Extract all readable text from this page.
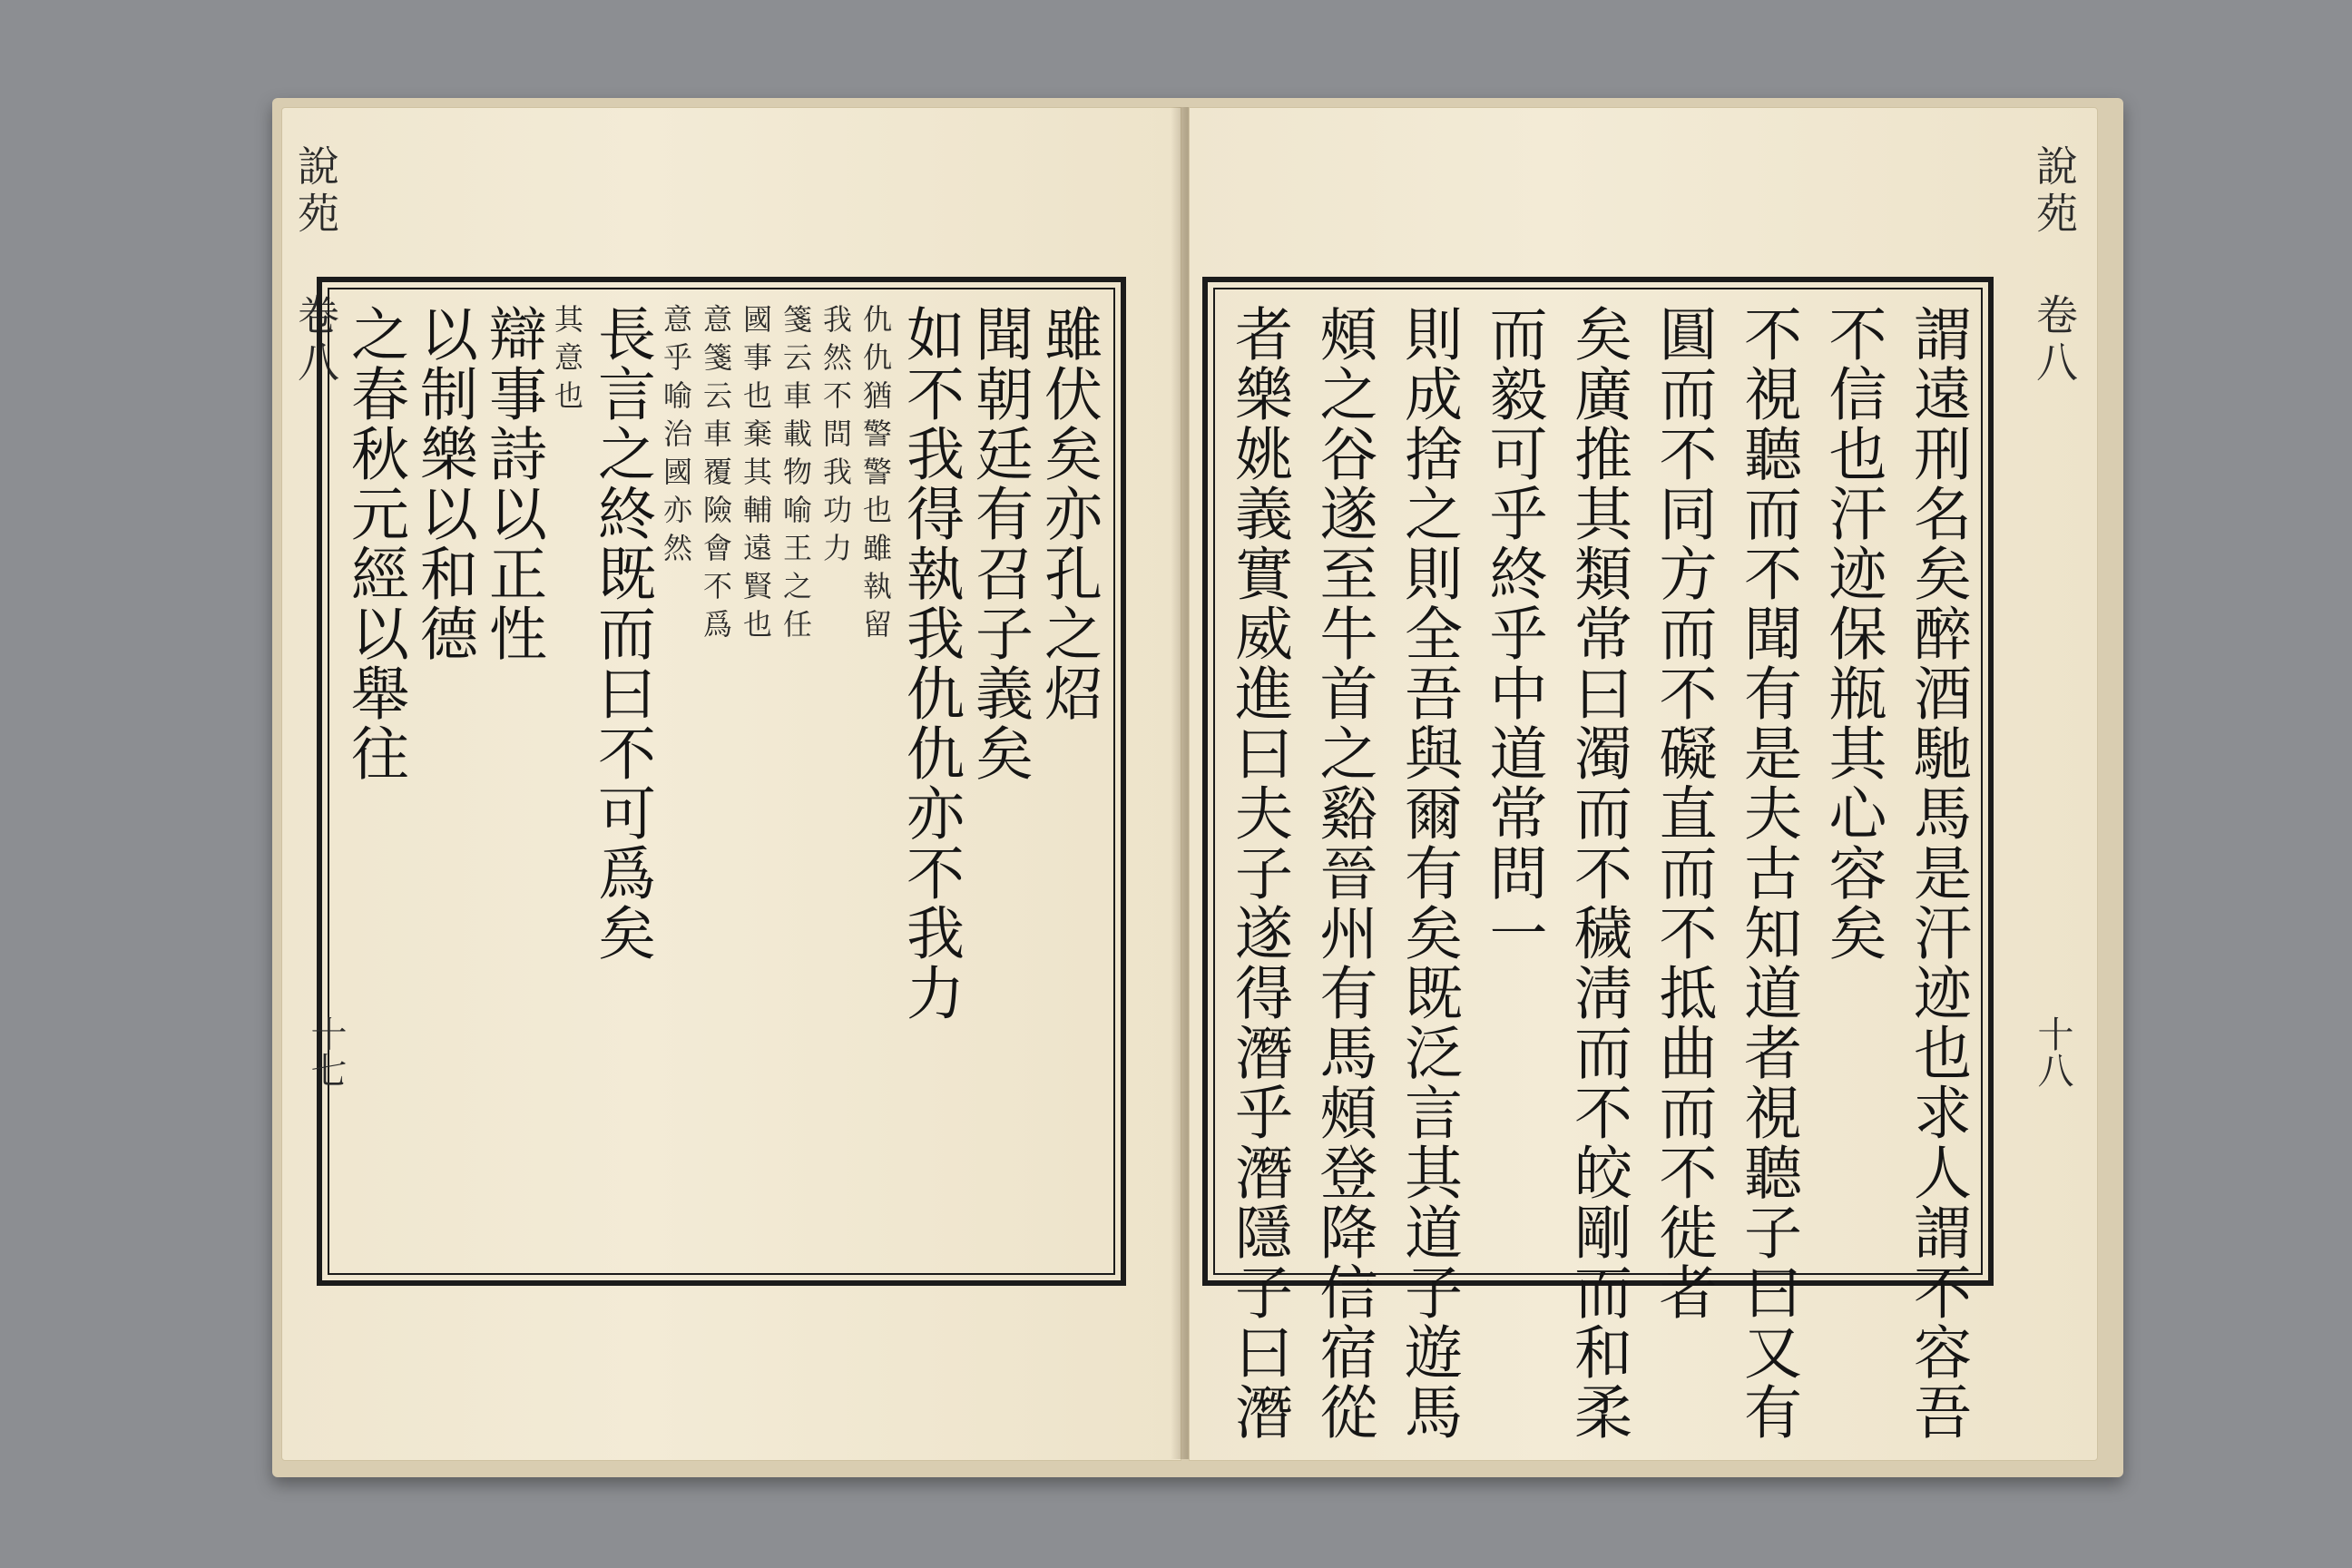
說苑 卷八
雖伏矣亦孔之炤
聞朝廷有召子義矣
如不我得執我仇仇亦不我力
仇仇猶警警也雖執留
我然不問我功力
箋云車載物喻王之任
國事也棄其輔遠賢也
意箋云車覆險會不爲
意乎喻治國亦然
長言之終既而曰不可爲矣
其意也
辯事詩以正性
以制樂以和德
之春秋元經以舉往
十七	謂遠刑名矣醉酒馳馬是汗迹也求人謂不容吾
不信也汗迹保瓶其心容矣
不視聽而不聞有是夫古知道者視聽子曰又有
圓而不同方而不礙直而不抵曲而不徙者
矣廣推其類常曰濁而不穢淸而不皎剛而和柔
而毅可乎終乎中道常問一
則成捨之則全吾與爾有矣既泛言其道子遊馬
頰之谷遂至牛首之谿晉州有馬頰登降信宿從
者樂姚義實威進曰夫子遂得潛乎潛隱子曰潛
說苑 卷八
十八
